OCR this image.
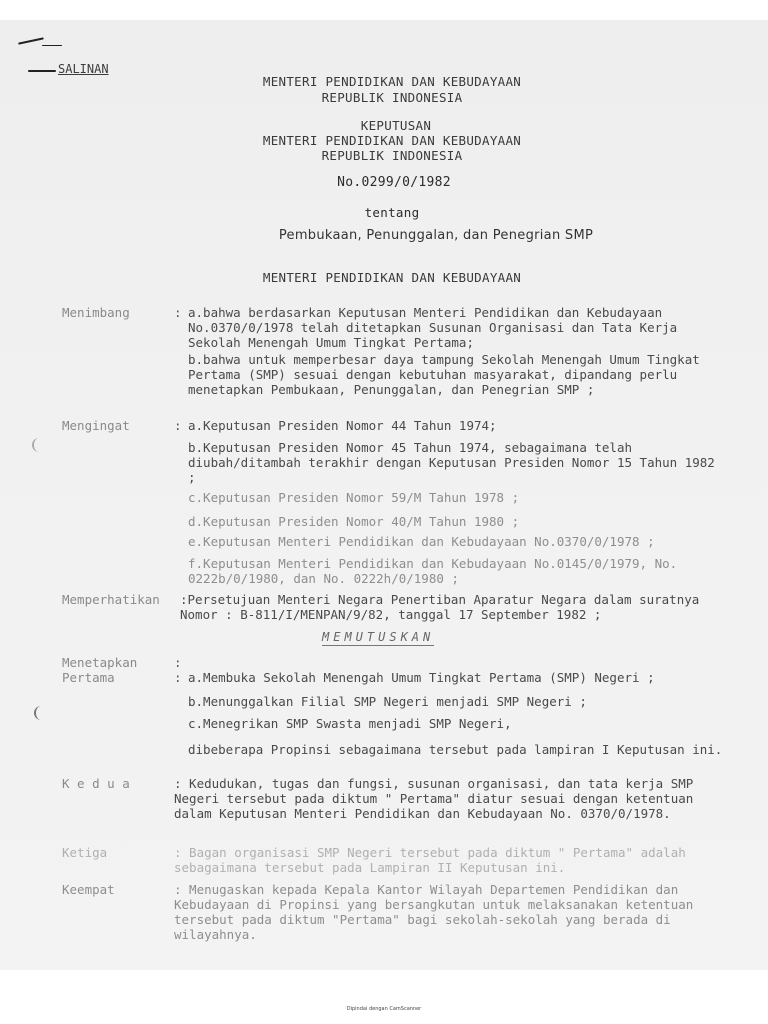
SALINAN
MENTERI PENDIDIKAN DAN KEBUDAYAAN
REPUBLIK INDONESIA
KEPUTUSAN
MENTERI PENDIDIKAN DAN KEBUDAYAAN
REPUBLIK INDONESIA
No.0299/0/1982
tentang
Pembukaan, Penunggalan, dan Penegrian SMP
MENTERI PENDIDIKAN DAN KEBUDAYAAN
Menimbang	: a.bahwa berdasarkan Keputusan Menteri Pendidikan dan Kebudayaan No.0370/0/1978 telah ditetapkan Susunan Organisasi dan Tata Kerja Sekolah Menengah Umum Tingkat Pertama;
b.bahwa untuk memperbesar daya tampung Sekolah Menengah Umum Tingkat Pertama (SMP) sesuai dengan kebutuhan masyarakat, dipandang perlu menetapkan Pembukaan, Penunggalan, dan Penegrian SMP ;
Mengingat	: a.Keputusan Presiden Nomor 44 Tahun 1974;
b.Keputusan Presiden Nomor 45 Tahun 1974, sebagaimana telah diubah/ditambah terakhir dengan Keputusan Presiden Nomor 15 Tahun 1982 ;
c.Keputusan Presiden Nomor 59/M Tahun 1978 ;
d.Keputusan Presiden Nomor 40/M Tahun 1980 ;
e.Keputusan Menteri Pendidikan dan Kebudayaan No.0370/0/1978 ;
f.Keputusan Menteri Pendidikan dan Kebudayaan No.0145/0/1979, No. 0222b/0/1980, dan No. 0222h/0/1980 ;
Memperhatikan :Persetujuan Menteri Negara Penertiban Aparatur Negara dalam suratnya Nomor : B-811/I/MENPAN/9/82, tanggal 17 September 1982 ;
MEMUTUSKAN
Menetapkan	:
Pertama	: a.Membuka Sekolah Menengah Umum Tingkat Pertama (SMP) Negeri ;
b.Menunggalkan Filial SMP Negeri menjadi SMP Negeri ;
c.Menegrikan SMP Swasta menjadi SMP Negeri,
dibeberapa Propinsi sebagaimana tersebut pada lampiran I Keputusan ini.
K e d u a	: Kedudukan, tugas dan fungsi, susunan organisasi, dan tata kerja SMP Negeri tersebut pada diktum " Pertama" diatur sesuai dengan ketentuan dalam Keputusan Menteri Pendidikan dan Kebudayaan No. 0370/0/1978.
Ketiga	: Bagan organisasi SMP Negeri tersebut pada diktum " Pertama" adalah sebagaimana tersebut pada Lampiran II Keputusan ini.
Keempat	: Menugaskan kepada Kepala Kantor Wilayah Departemen Pendidikan dan Kebudayaan di Propinsi yang bersangkutan untuk melaksanakan ketentuan tersebut pada diktum "Pertama" bagi sekolah-sekolah yang berada di wilayahnya.
Dipindai dengan CamScanner
